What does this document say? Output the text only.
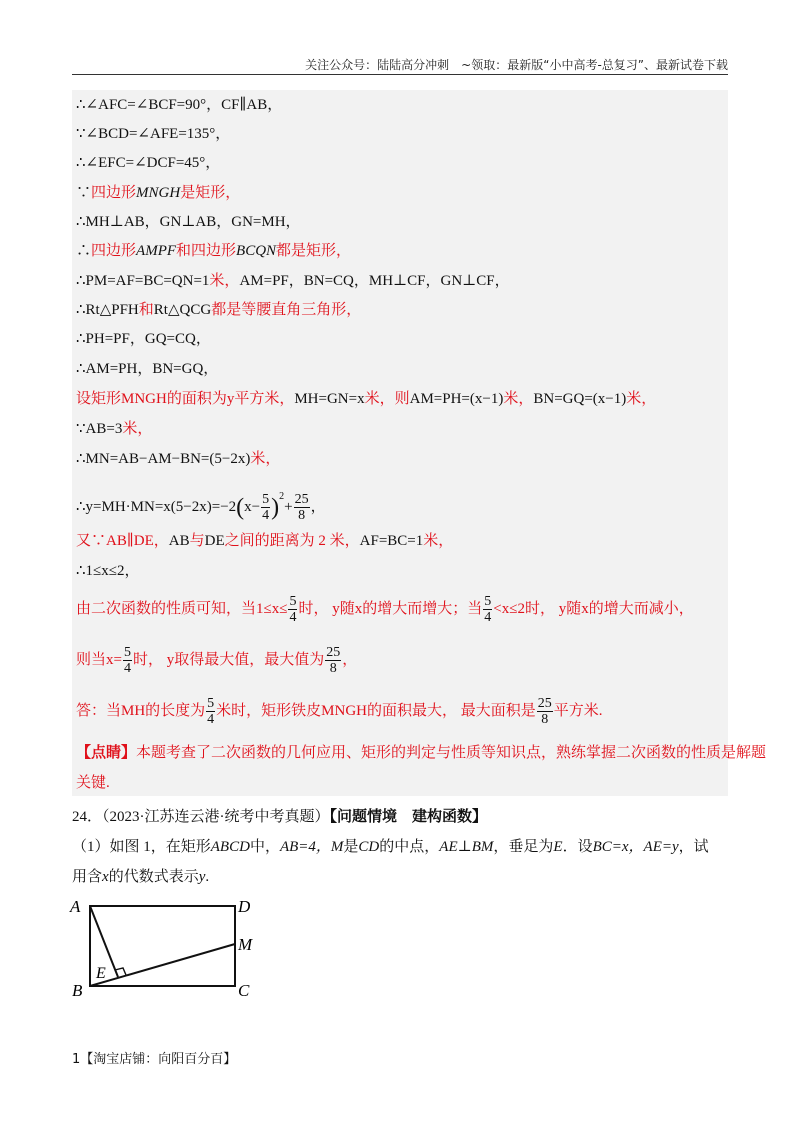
关注公众号：陆陆高分冲刺　~领取：最新版“小中高考-总复习”、最新试卷下载
∴∠AFC=∠BCF=90°，CF∥AB，
∵∠BCD=∠AFE=135°，
∴∠EFC=∠DCF=45°，
∵四边形MNGH是矩形，
∴MH⊥AB，GN⊥AB，GN=MH，
∴四边形AMPF和四边形BCQN都是矩形，
∴PM=AF=BC=QN=1米，AM=PF，BN=CQ，MH⊥CF，GN⊥CF，
∴Rt△PFH和Rt△QCG都是等腰直角三角形，
∴PH=PF，GQ=CQ，
∴AM=PH，BN=GQ，
设矩形MNGH的面积为y平方米，MH=GN=x米，则AM=PH=(x−1)米，BN=GQ=(x−1)米，
∵AB=3米，
∴MN=AB−AM−BN=(5−2x)米，
∴y=MH·MN=x(5−2x)=−2(x− $\frac{5}{4} )^2+ \frac{25}{8}$ ，
又∵AB∥DE，AB与DE之间的距离为 2 米，AF=BC=1米，
∴1≤x≤2，
由二次函数的性质可知，当$1\le x\le \frac{5}{4}$ 时， y随x的增大而增大；当 $\frac{5}{4} <x\le 2$时， y随x的增大而减小，
则当$x= \frac{5}{4}$ 时， y取得最大值，最大值为 $\frac{25}{8}$ ，
答：当MH的长度为 $\frac{5}{4}$ 米时，矩形铁皮MNGH的面积最大， 最大面积是 $\frac{25}{8}$ 平方米.
【点睛】本题考查了二次函数的几何应用、矩形的判定与性质等知识点，熟练掌握二次函数的性质是解题
关键.
24．（2023·江苏连云港·统考中考真题）【问题情境　建构函数】
（1）如图 1，在矩形ABCD中，AB=4，M是CD的中点，AE⊥BM，垂足为E．设BC=x，AE=y，试
用含x的代数式表示y.
A
B	C
D
M
E
1【淘宝店铺：向阳百分百】
